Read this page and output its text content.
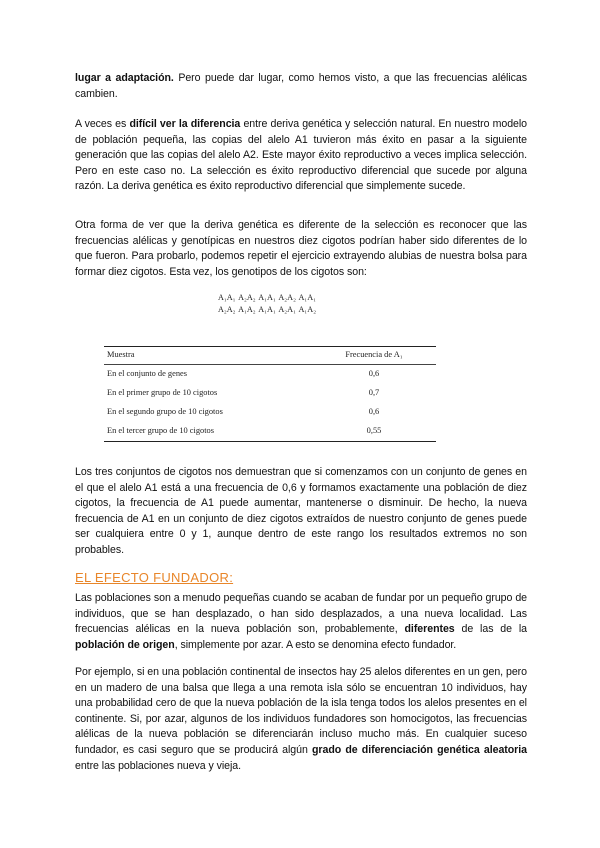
lugar a adaptación. Pero puede dar lugar, como hemos visto, a que las frecuencias alélicas cambien.
A veces es difícil ver la diferencia entre deriva genética y selección natural. En nuestro modelo de población pequeña, las copias del alelo A1 tuvieron más éxito en pasar a la siguiente generación que las copias del alelo A2. Este mayor éxito reproductivo a veces implica selección. Pero en este caso no. La selección es éxito reproductivo diferencial que sucede por alguna razón. La deriva genética es éxito reproductivo diferencial que simplemente sucede.
Otra forma de ver que la deriva genética es diferente de la selección es reconocer que las frecuencias alélicas y genotípicas en nuestros diez cigotos podrían haber sido diferentes de lo que fueron. Para probarlo, podemos repetir el ejercicio extrayendo alubias de nuestra bolsa para formar diez cigotos. Esta vez, los genotipos de los cigotos son:
A₁A₁ A₂A₂ A₁A₁ A₂A₂ A₁A₁
A₂A₂ A₁A₂ A₁A₁ A₂A₁ A₁A₂
Muestra	Frecuencia de A₁
En el conjunto de genes	0,6
En el primer grupo de 10 cigotos	0,7
En el segundo grupo de 10 cigotos	0,6
En el tercer grupo de 10 cigotos	0,55
Los tres conjuntos de cigotos nos demuestran que si comenzamos con un conjunto de genes en el que el alelo A1 está a una frecuencia de 0,6 y formamos exactamente una población de diez cigotos, la frecuencia de A1 puede aumentar, mantenerse o disminuir. De hecho, la nueva frecuencia de A1 en un conjunto de diez cigotos extraídos de nuestro conjunto de genes puede ser cualquiera entre 0 y 1, aunque dentro de este rango los resultados extremos no son probables.
EL EFECTO FUNDADOR:
Las poblaciones son a menudo pequeñas cuando se acaban de fundar por un pequeño grupo de individuos, que se han desplazado, o han sido desplazados, a una nueva localidad. Las frecuencias alélicas en la nueva población son, probablemente, diferentes de las de la población de origen, simplemente por azar. A esto se denomina efecto fundador.
Por ejemplo, si en una población continental de insectos hay 25 alelos diferentes en un gen, pero en un madero de una balsa que llega a una remota isla sólo se encuentran 10 individuos, hay una probabilidad cero de que la nueva población de la isla tenga todos los alelos presentes en el continente. Si, por azar, algunos de los individuos fundadores son homocigotos, las frecuencias alélicas de la nueva población se diferenciarán incluso mucho más. En cualquier suceso fundador, es casi seguro que se producirá algún grado de diferenciación genética aleatoria entre las poblaciones nueva y vieja.
